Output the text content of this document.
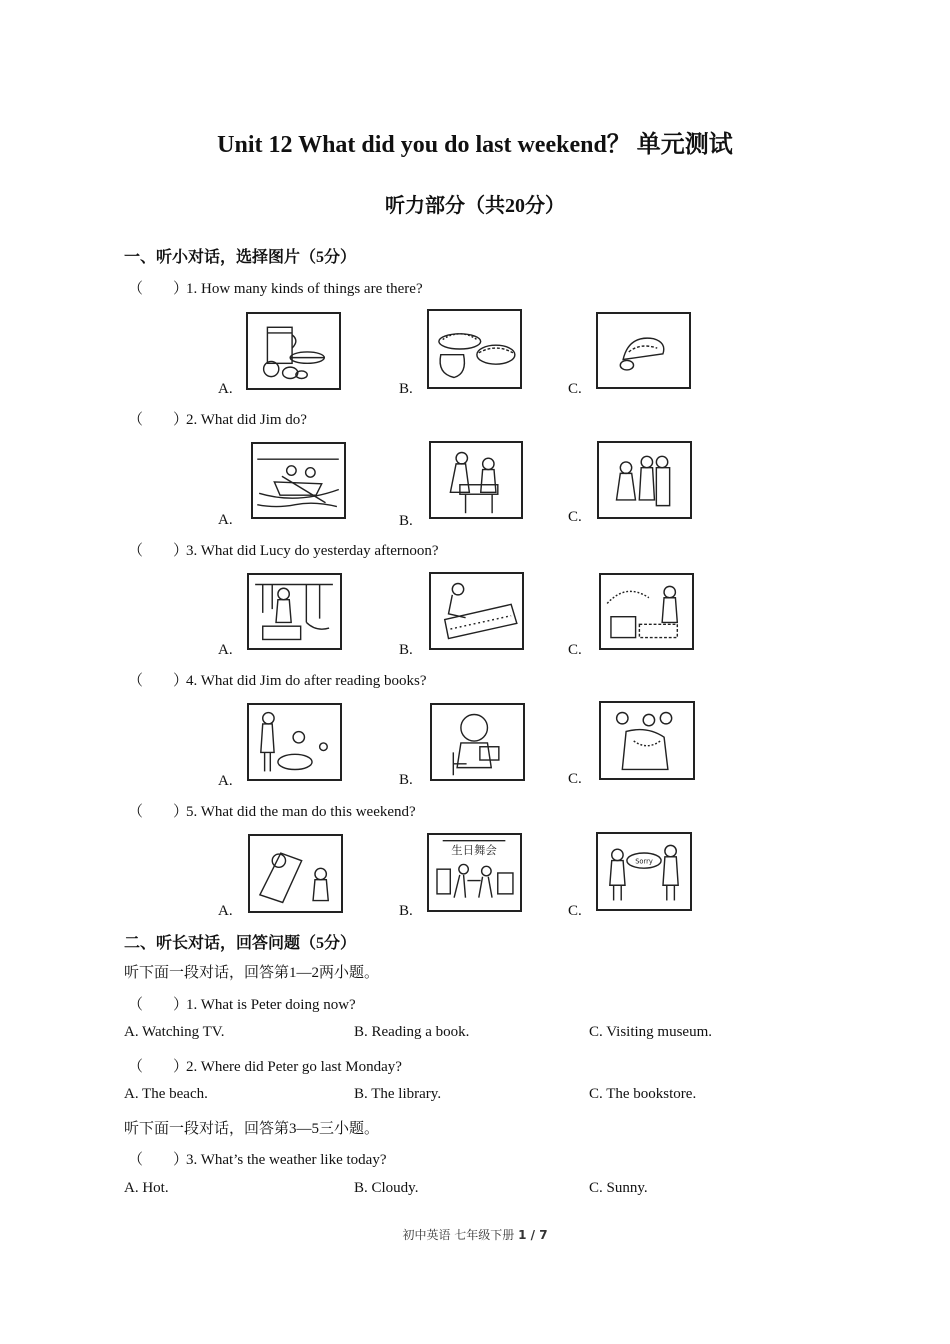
Unit 12 What did you do last weekend？ 单元测试
听力部分（共20分）
一、听小对话，选择图片（5分）
（　　）1. How many kinds of things are there?
A.	B.	C.
（　　）2. What did Jim do?
A.	B.	C.
（　　）3. What did Lucy do yesterday afternoon?
A.	B.	C.
（　　）4. What did Jim do after reading books?
A.	B.	C.
（　　）5. What did the man do this weekend?
A.	B.	C.
生日舞会
Sorry
二、听长对话，回答问题（5分）
听下面一段对话，回答第1—2两小题。
（　　）1. What is Peter doing now?
A. Watching TV.	B. Reading a book.	C. Visiting museum.
（　　）2. Where did Peter go last Monday?
A. The beach.	B. The library.	C. The bookstore.
听下面一段对话，回答第3—5三小题。
（　　）3. What’s the weather like today?
A. Hot.	B. Cloudy.	C. Sunny.
初中英语 七年级下册 1 / 7
